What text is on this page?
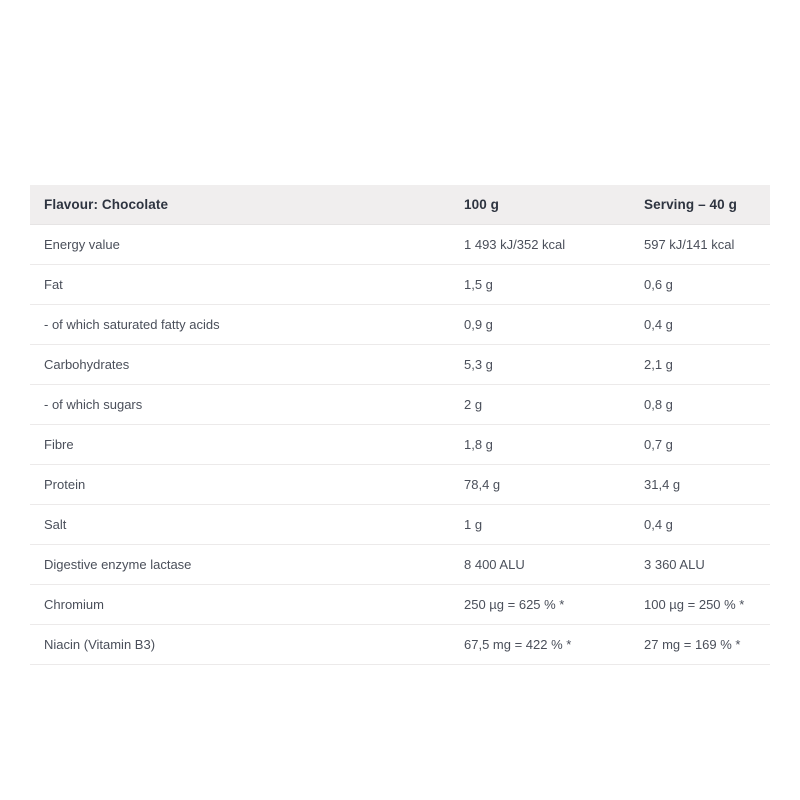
Flavour: Chocolate	100 g	Serving – 40 g
Energy value	1 493 kJ/352 kcal	597 kJ/141 kcal
Fat	1,5 g	0,6 g
- of which saturated fatty acids	0,9 g	0,4 g
Carbohydrates	5,3 g	2,1 g
- of which sugars	2 g	0,8 g
Fibre	1,8 g	0,7 g
Protein	78,4 g	31,4 g
Salt	1 g	0,4 g
Digestive enzyme lactase	8 400 ALU	3 360 ALU
Chromium	250 µg = 625 % *	100 µg = 250 % *
Niacin (Vitamin B3)	67,5 mg = 422 % *	27 mg = 169 % *
